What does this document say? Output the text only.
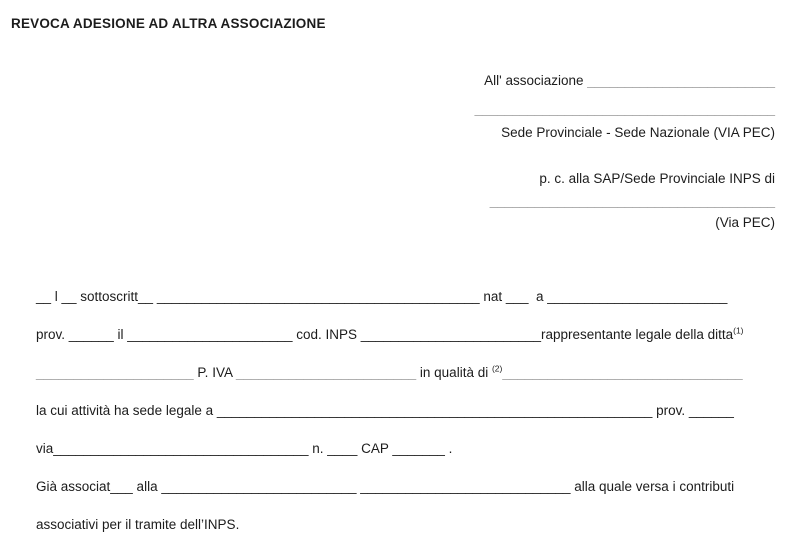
REVOCA ADESIONE AD ALTRA ASSOCIAZIONE
All' associazione _________________________
________________________________________
Sede Provinciale - Sede Nazionale (VIA PEC)
p. c. alla SAP/Sede Provinciale INPS di
______________________________________
(Via PEC)
__ l __ sottoscritt__ ___________________________________________ nat ___  a ________________________
prov. ______ il ______________________ cod. INPS ________________________rappresentante legale della ditta$^{(1)}$
_____________________ P. IVA ________________________ in qualità di $^{(2)}$________________________________
la cui attività ha sede legale a __________________________________________________________ prov. ______
via__________________________________ n. ____ CAP _______ .
Già associat___ alla __________________________ ____________________________ alla quale versa i contributi
associativi per il tramite dell’INPS.
